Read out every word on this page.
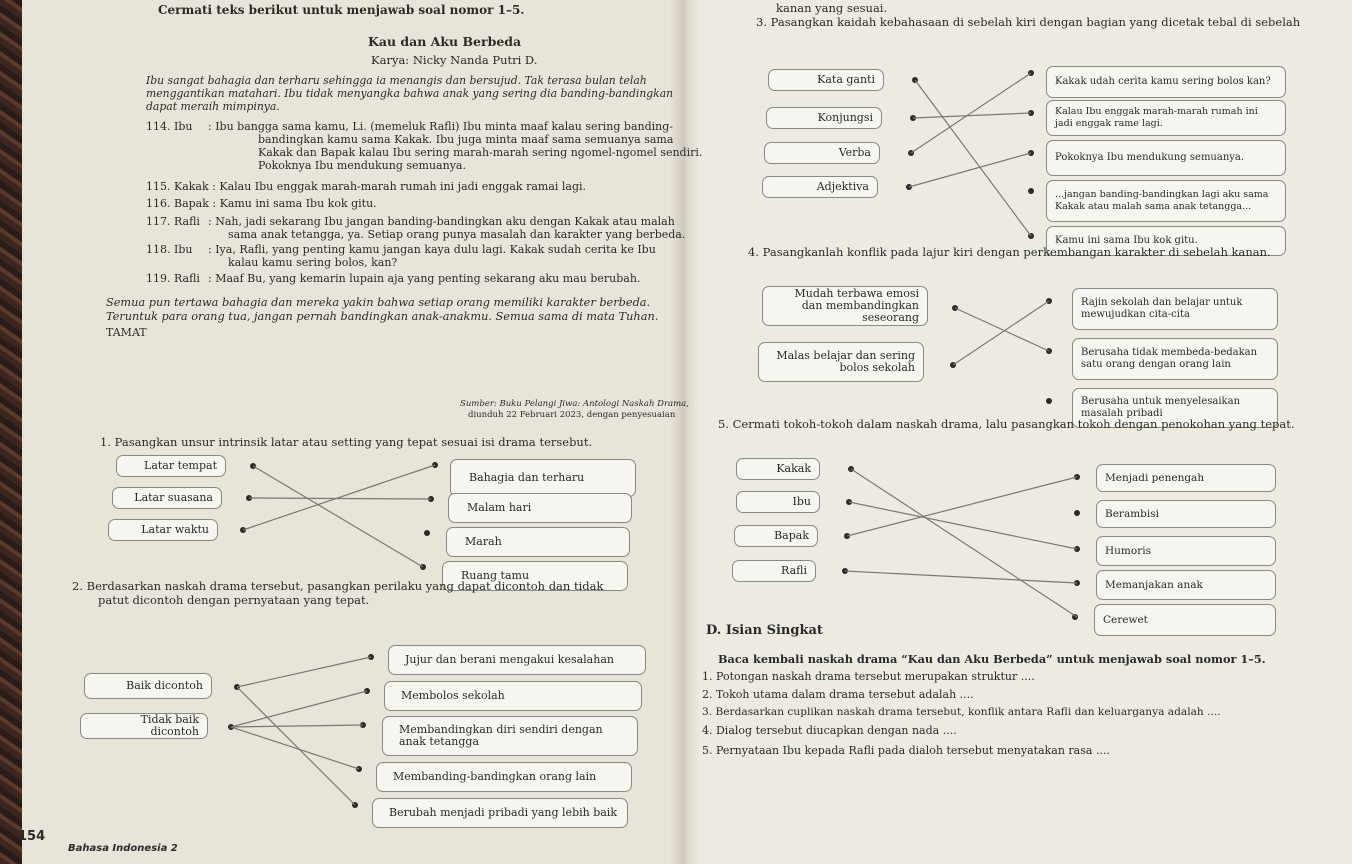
Cermati teks berikut untuk menjawab soal nomor 1–5.
Kau dan Aku Berbeda
Karya: Nicky Nanda Putri D.
Ibu sangat bahagia dan terharu sehingga ia menangis dan bersujud. Tak terasa bulan telah
menggantikan matahari. Ibu tidak menyangka bahwa anak yang sering dia banding-bandingkan
dapat meraih mimpinya.
114. Ibu : Ibu bangga sama kamu, Li. (memeluk Rafli) Ibu minta maaf kalau sering banding-
bandingkan kamu sama Kakak. Ibu juga minta maaf sama semuanya sama
Kakak dan Bapak kalau Ibu sering marah-marah sering ngomel-ngomel sendiri.
Pokoknya Ibu mendukung semuanya.
115. Kakak : Kalau Ibu enggak marah-marah rumah ini jadi enggak ramai lagi.
116. Bapak : Kamu ini sama Ibu kok gitu.
117. Rafli : Nah, jadi sekarang Ibu jangan banding-bandingkan aku dengan Kakak atau malah
sama anak tetangga, ya. Setiap orang punya masalah dan karakter yang berbeda.
118. Ibu : Iya, Rafli, yang penting kamu jangan kaya dulu lagi. Kakak sudah cerita ke Ibu
kalau kamu sering bolos, kan?
119. Rafli : Maaf Bu, yang kemarin lupain aja yang penting sekarang aku mau berubah.
Semua pun tertawa bahagia dan mereka yakin bahwa setiap orang memiliki karakter berbeda.
Teruntuk para orang tua, jangan pernah bandingkan anak-anakmu. Semua sama di mata Tuhan.
TAMAT
Sumber: Buku Pelangi Jiwa: Antologi Naskah Drama,
diunduh 22 Februari 2023, dengan penyesuaian
1. Pasangkan unsur intrinsik latar atau setting yang tepat sesuai isi drama tersebut.
Latar tempat
Latar suasana
Latar waktu
Bahagia dan terharu
Malam hari
Marah
Ruang tamu
2. Berdasarkan naskah drama tersebut, pasangkan perilaku yang dapat dicontoh dan tidak
patut dicontoh dengan pernyataan yang tepat.
Baik dicontoh
Tidak baik dicontoh
Jujur dan berani mengakui kesalahan
Membolos sekolah
Membandingkan diri sendiri dengan anak tetangga
Membanding-bandingkan orang lain
Berubah menjadi pribadi yang lebih baik
154
Bahasa Indonesia 2
3. Pasangkan kaidah kebahasaan di sebelah kiri dengan bagian yang dicetak tebal di sebelah
kanan yang sesuai.
Kata ganti
Konjungsi
Verba
Adjektiva
Kakak udah cerita kamu sering bolos kan?
Kalau Ibu enggak marah-marah rumah ini jadi enggak rame lagi.
Pokoknya Ibu mendukung semuanya.
...jangan banding-bandingkan lagi aku sama Kakak atau malah sama anak tetangga...
Kamu ini sama Ibu kok gitu.
4. Pasangkanlah konflik pada lajur kiri dengan perkembangan karakter di sebelah kanan.
Mudah terbawa emosi dan membandingkan seseorang
Malas belajar dan sering bolos sekolah
Rajin sekolah dan belajar untuk mewujudkan cita-cita
Berusaha tidak membeda-bedakan satu orang dengan orang lain
Berusaha untuk menyelesaikan masalah pribadi
5. Cermati tokoh-tokoh dalam naskah drama, lalu pasangkan tokoh dengan penokohan yang tepat.
Kakak
Ibu
Bapak
Rafli
Menjadi penengah
Berambisi
Humoris
Memanjakan anak
Cerewet
D. Isian Singkat
Baca kembali naskah drama “Kau dan Aku Berbeda” untuk menjawab soal nomor 1–5.
1. Potongan naskah drama tersebut merupakan struktur ....
2. Tokoh utama dalam drama tersebut adalah ....
3. Berdasarkan cuplikan naskah drama tersebut, konflik antara Rafli dan keluarganya adalah ....
4. Dialog tersebut diucapkan dengan nada ....
5. Pernyataan Ibu kepada Rafli pada dialoh tersebut menyatakan rasa ....
